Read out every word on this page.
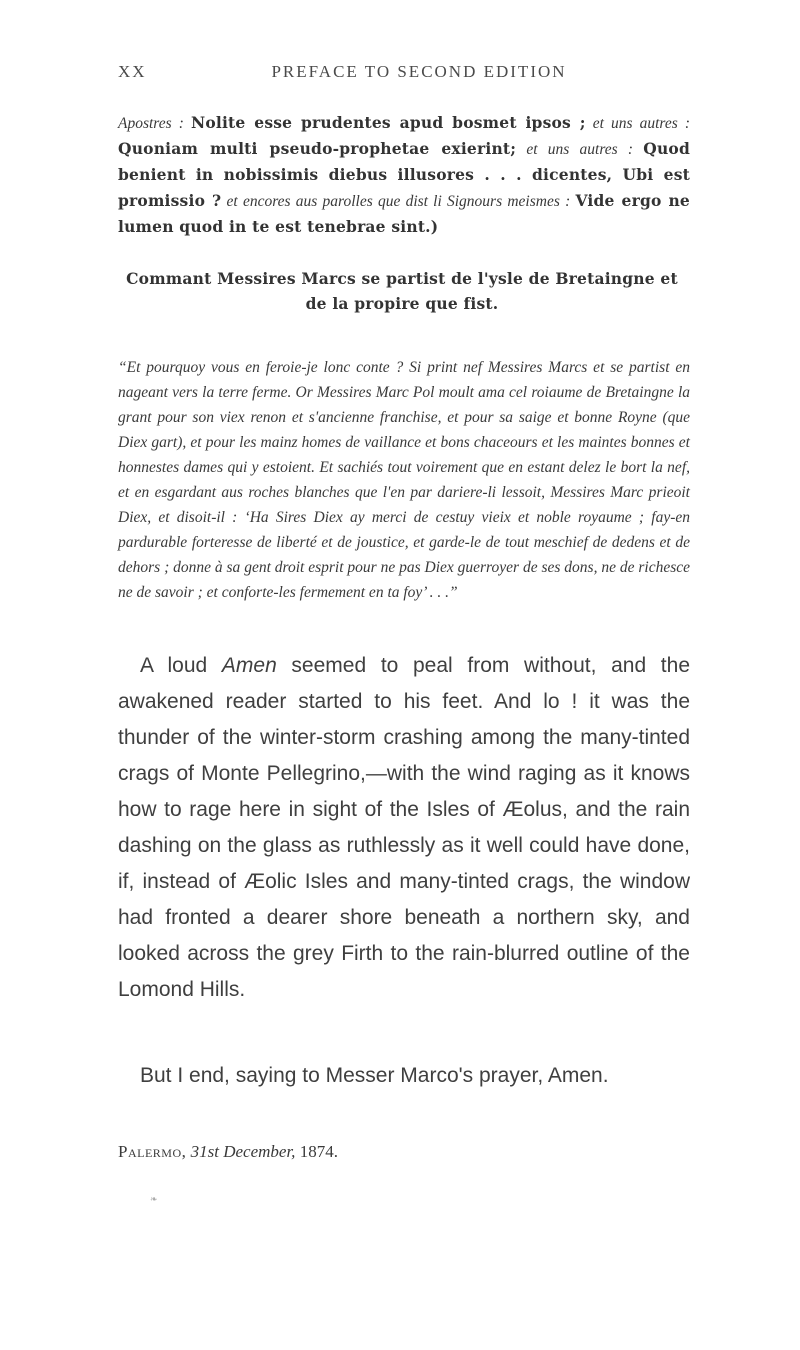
XX	PREFACE TO SECOND EDITION
Apostres : Nolite esse prudentes apud bosmet ipsos ; et uns autres : Quoniam multi pseudo-prophetae exierint; et uns autres : Quod benient in nobissimis diebus illusores . . . dicentes, Ubi est promissio ? et encores aus parolles que dist li Signours meismes : Vide ergo ne lumen quod in te est tenebrae sint.)
Commant Messires Marcs se partist de l'ysle de Bretaingne et de la propire que fist.
“Et pourquoy vous en feroie-je lonc conte ? Si print nef Messires Marcs et se partist en nageant vers la terre ferme. Or Messires Marc Pol moult ama cel roiaume de Bretaingne la grant pour son viex renon et s'ancienne franchise, et pour sa saige et bonne Royne (que Diex gart), et pour les mainz homes de vaillance et bons chaceours et les maintes bonnes et honnestes dames qui y estoient. Et sachiés tout voirement que en estant delez le bort la nef, et en esgardant aus roches blanches que l'en par dariere-li lessoit, Messires Marc prieoit Diex, et disoit-il : ‘Ha Sires Diex ay merci de cestuy vieix et noble royaume ; fay-en pardurable forteresse de liberté et de joustice, et garde-le de tout meschief de dedens et de dehors ; donne à sa gent droit esprit pour ne pas Diex guerroyer de ses dons, ne de richesce ne de savoir ; et conforte-les fermement en ta foy’ . . .”

A loud Amen seemed to peal from without, and the awakened reader started to his feet. And lo ! it was the thunder of the winter-storm crashing among the many-tinted crags of Monte Pellegrino,—with the wind raging as it knows how to rage here in sight of the Isles of Æolus, and the rain dashing on the glass as ruthlessly as it well could have done, if, instead of Æolic Isles and many-tinted crags, the window had fronted a dearer shore beneath a northern sky, and looked across the grey Firth to the rain-blurred outline of the Lomond Hills.

But I end, saying to Messer Marco's prayer, Amen.

Palermo, 31st December, 1874.
❧
